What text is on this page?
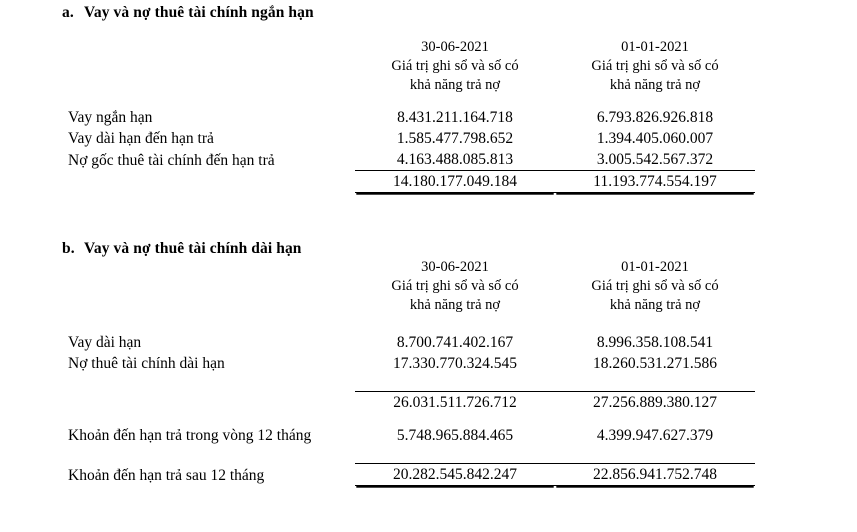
a. Vay và nợ thuê tài chính ngắn hạn

30-06-2021
Giá trị ghi sổ và số có
khả năng trả nợ

01-01-2021
Giá trị ghi sổ và số có
khả năng trả nợ

Vay ngắn hạn	8.431.211.164.718	6.793.826.926.818
Vay dài hạn đến hạn trả	1.585.477.798.652	1.394.405.060.007
Nợ gốc thuê tài chính đến hạn trả	4.163.488.085.813	3.005.542.567.372
	14.180.177.049.184	11.193.774.554.197
b. Vay và nợ thuê tài chính dài hạn

30-06-2021
Giá trị ghi sổ và số có
khả năng trả nợ

01-01-2021
Giá trị ghi sổ và số có
khả năng trả nợ

Vay dài hạn	8.700.741.402.167	8.996.358.108.541
Nợ thuê tài chính dài hạn	17.330.770.324.545	18.260.531.271.586

	26.031.511.726.712	27.256.889.380.127
Khoản đến hạn trả trong vòng 12 tháng	5.748.965.884.465	4.399.947.627.379

Khoản đến hạn trả sau 12 tháng	20.282.545.842.247	22.856.941.752.748
